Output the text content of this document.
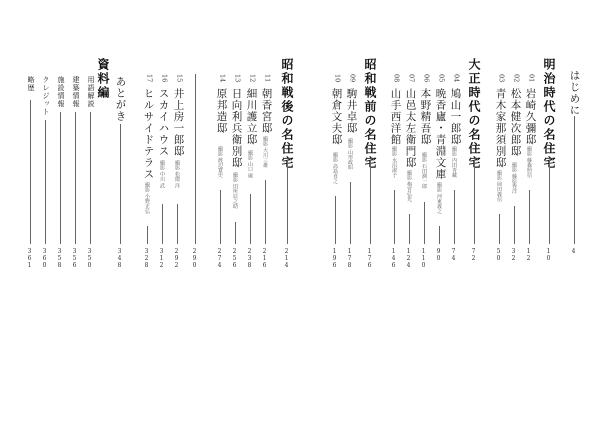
はじめに
4
明治時代の名住宅
10
01
岩崎久彌邸
撮影 藤森照信
12
02
松本健次郎邸
撮影 藤原秀洋
32
03
青木家那須別邸
撮影 岡田義信
50
大正時代の名住宅
72
04
鳩山一郎邸
撮影 内田青藏
74
05
晩香廬・青淵文庫
撮影 河東義之
90
06
本野精吾邸
撮影 石田潤一郎
110
07
山邑太左衛門邸
撮影 梅宮弘光
124
08
山手西洋館
撮影 水沼淑子
146
昭和戦前の名住宅
176
09
駒井卓邸
撮影 山形政昭
178
10
朝倉文夫邸
撮影 髙島直之
196
昭和戦後の名住宅
214
11
朝香宮邸
撮影 大川三雄
216
12
細川護立邸
撮影 山口 廣
238
13
日向利兵衛別邸
撮影 田所辰之助
256
14
原邦造邸
撮影 渡辺寛史
274
290
15
井上房一郎邸
撮影 松隈 洋
292
16
スカイハウス
撮影 中川 武
312
17
ヒルサイドテラス
撮影 小野正弘
328
あとがき
348
資料編
用語解説
350
建築情報
356
施設情報
358
クレジット
360
略歴
361
